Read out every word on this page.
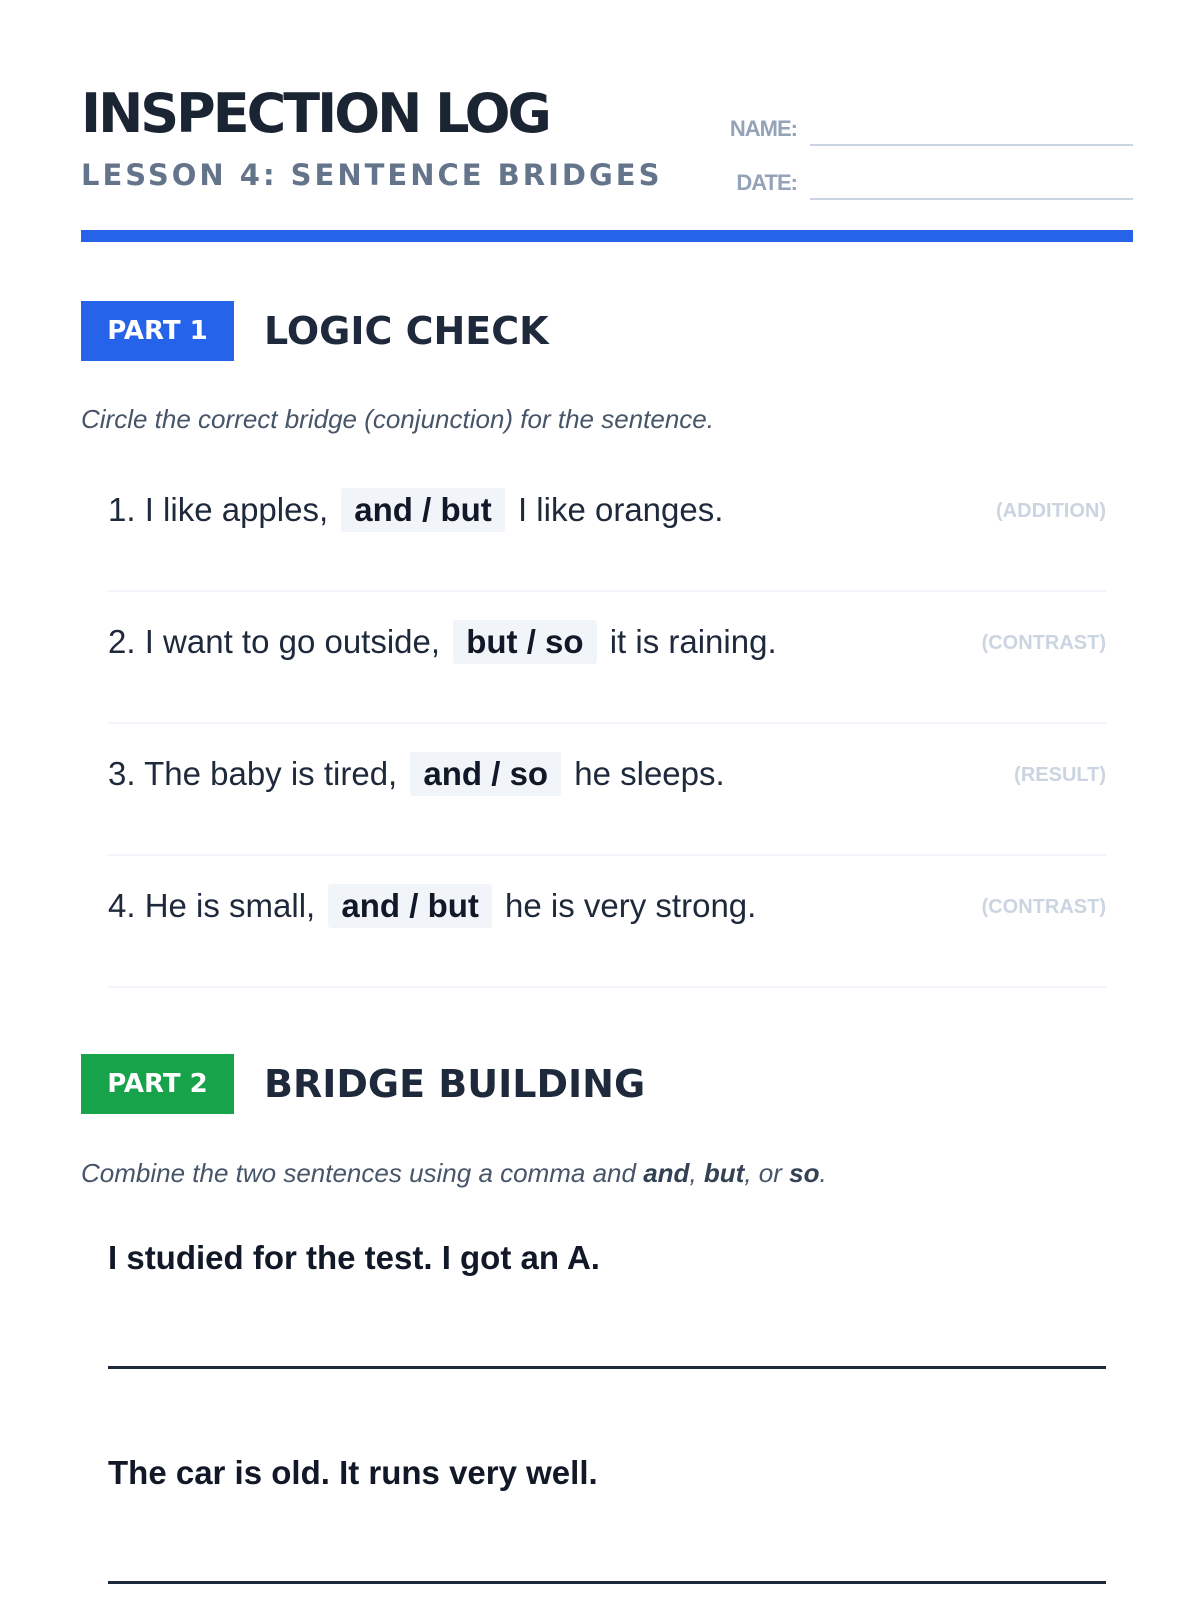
INSPECTION LOG
LESSON 4: SENTENCE BRIDGES
NAME:
DATE:
PART 1	LOGIC CHECK
Circle the correct bridge (conjunction) for the sentence.
1. I like apples, and / but I like oranges.	(ADDITION)
2. I want to go outside, but / so it is raining.	(CONTRAST)
3. The baby is tired, and / so he sleeps.	(RESULT)
4. He is small, and / but he is very strong.	(CONTRAST)
PART 2	BRIDGE BUILDING
Combine the two sentences using a comma and and, but, or so.
I studied for the test. I got an A.
The car is old. It runs very well.
